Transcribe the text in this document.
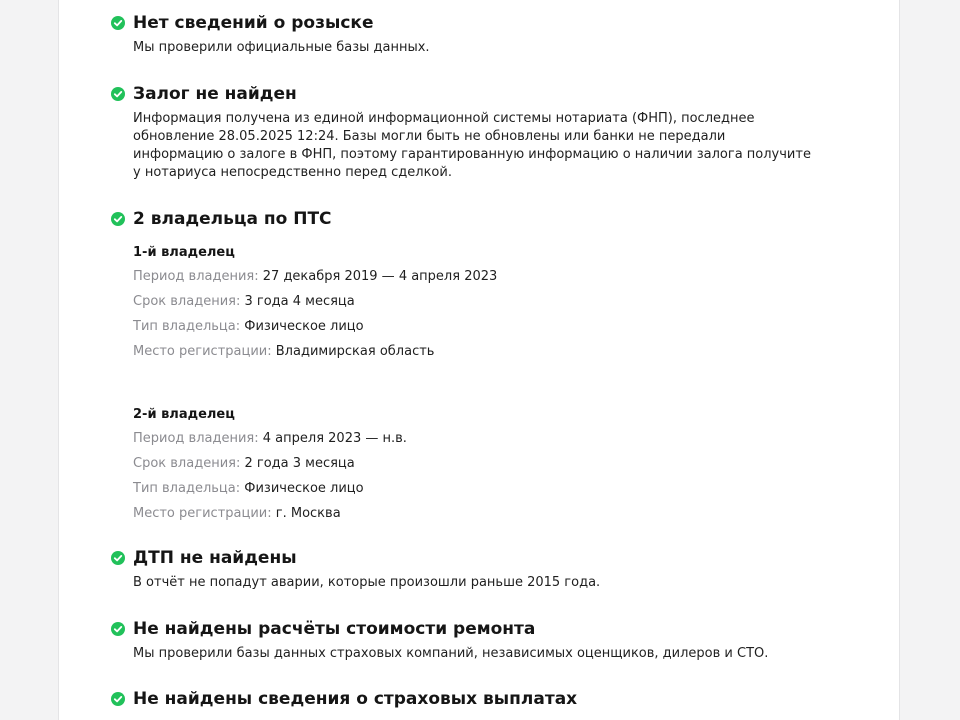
Нет сведений о розыске
Мы проверили официальные базы данных.
Залог не найден
Информация получена из единой информационной системы нотариата (ФНП), последнее обновление 28.05.2025 12:24. Базы могли быть не обновлены или банки не передали информацию о залоге в ФНП, поэтому гарантированную информацию о наличии залога получите у нотариуса непосредственно перед сделкой.
2 владельца по ПТС
1-й владелец
Период владения: 27 декабря 2019 — 4 апреля 2023
Срок владения: 3 года 4 месяца
Тип владельца: Физическое лицо
Место регистрации: Владимирская область
2-й владелец
Период владения: 4 апреля 2023 — н.в.
Срок владения: 2 года 3 месяца
Тип владельца: Физическое лицо
Место регистрации: г. Москва
ДТП не найдены
В отчёт не попадут аварии, которые произошли раньше 2015 года.
Не найдены расчёты стоимости ремонта
Мы проверили базы данных страховых компаний, независимых оценщиков, дилеров и СТО.
Не найдены сведения о страховых выплатах
